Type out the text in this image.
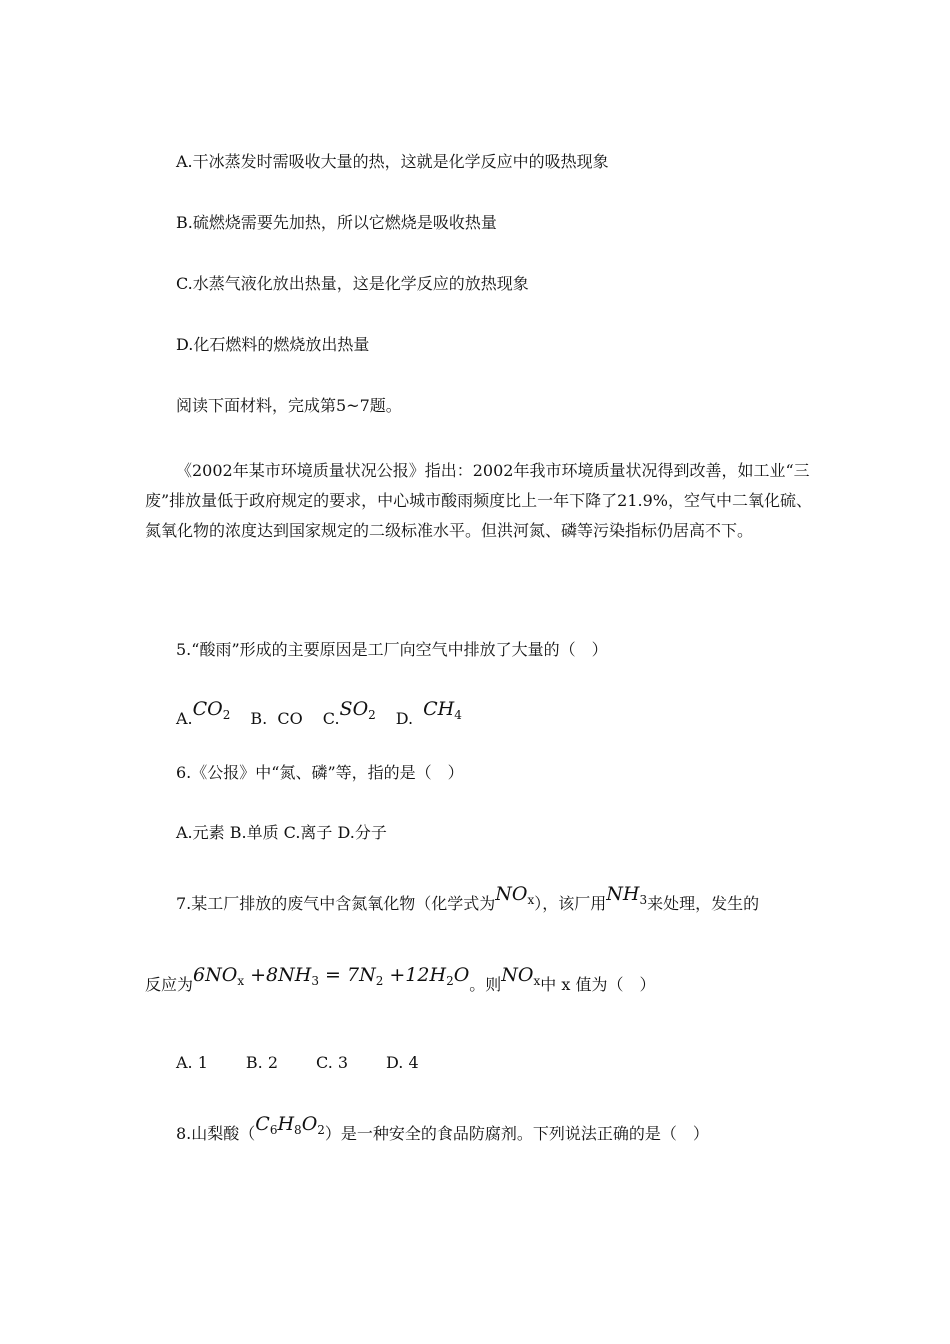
A.干冰蒸发时需吸收大量的热，这就是化学反应中的吸热现象
B.硫燃烧需要先加热，所以它燃烧是吸收热量
C.水蒸气液化放出热量，这是化学反应的放热现象
D.化石燃料的燃烧放出热量
阅读下面材料，完成第5~7题。
《2002年某市环境质量状况公报》指出：2002年我市环境质量状况得到改善，如工业“三废”排放量低于政府规定的要求，中心城市酸雨频度比上一年下降了21.9%，空气中二氧化硫、氮氧化物的浓度达到国家规定的二级标准水平。但洪河氮、磷等污染指标仍居高不下。
5.“酸雨”形成的主要原因是工厂向空气中排放了大量的（　）
$A.CO_2$ B. CO $C.SO_2$ D. $CH_4$
6.《公报》中“氮、磷”等，指的是（　）
A.元素 B.单质 C.离子 D.分子
7.某工厂排放的废气中含氮氧化物（化学式为$NO_x$），该厂用$NH_3$来处理，发生的
反应为$6NO_x +8NH_3 = 7N_2 +12H_2O$。则$NO_x$中 x 值为（　）
A. 1 B. 2 C. 3 D. 4
8.山梨酸$(C_6H_8O_2)$是一种安全的食品防腐剂。下列说法正确的是（　）
